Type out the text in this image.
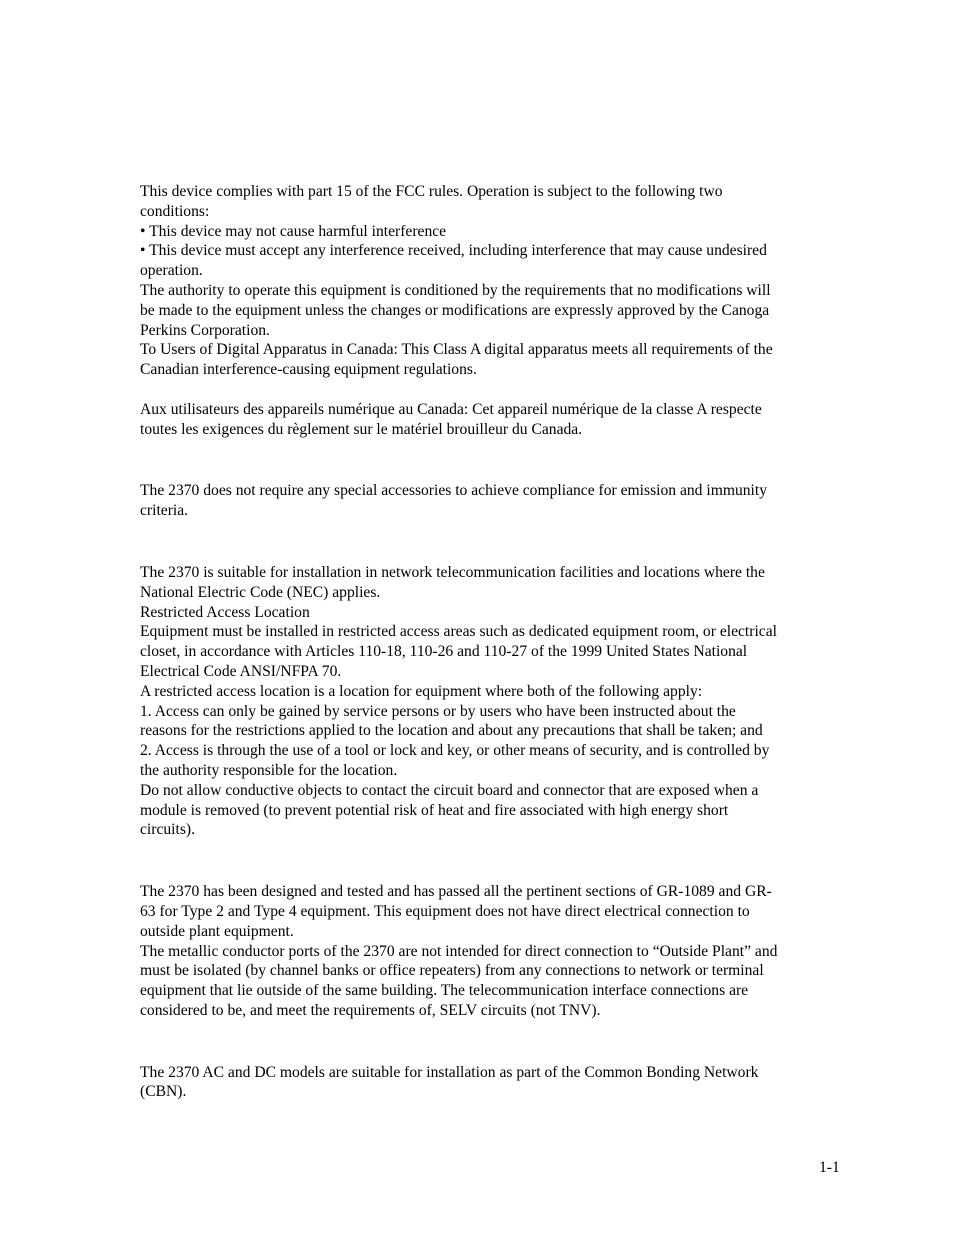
This device complies with part 15 of the FCC rules. Operation is subject to the following two
conditions:
• This device may not cause harmful interference
• This device must accept any interference received, including interference that may cause undesired
operation.
The authority to operate this equipment is conditioned by the requirements that no modifications will
be made to the equipment unless the changes or modifications are expressly approved by the Canoga
Perkins Corporation.
To Users of Digital Apparatus in Canada: This Class A digital apparatus meets all requirements of the
Canadian interference-causing equipment regulations.
Aux utilisateurs des appareils numérique au Canada: Cet appareil numérique de la classe A respecte
toutes les exigences du règlement sur le matériel brouilleur du Canada.
The 2370 does not require any special accessories to achieve compliance for emission and immunity
criteria.
The 2370 is suitable for installation in network telecommunication facilities and locations where the
National Electric Code (NEC) applies.
Restricted Access Location
Equipment must be installed in restricted access areas such as dedicated equipment room, or electrical
closet, in accordance with Articles 110-18, 110-26 and 110-27 of the 1999 United States National
Electrical Code ANSI/NFPA 70.
A restricted access location is a location for equipment where both of the following apply:
1. Access can only be gained by service persons or by users who have been instructed about the
reasons for the restrictions applied to the location and about any precautions that shall be taken; and
2. Access is through the use of a tool or lock and key, or other means of security, and is controlled by
the authority responsible for the location.
Do not allow conductive objects to contact the circuit board and connector that are exposed when a
module is removed (to prevent potential risk of heat and fire associated with high energy short
circuits).
The 2370 has been designed and tested and has passed all the pertinent sections of GR-1089 and GR-
63 for Type 2 and Type 4 equipment. This equipment does not have direct electrical connection to
outside plant equipment.
The metallic conductor ports of the 2370 are not intended for direct connection to “Outside Plant” and
must be isolated (by channel banks or office repeaters) from any connections to network or terminal
equipment that lie outside of the same building. The telecommunication interface connections are
considered to be, and meet the requirements of, SELV circuits (not TNV).
The 2370 AC and DC models are suitable for installation as part of the Common Bonding Network
(CBN).
1-1
